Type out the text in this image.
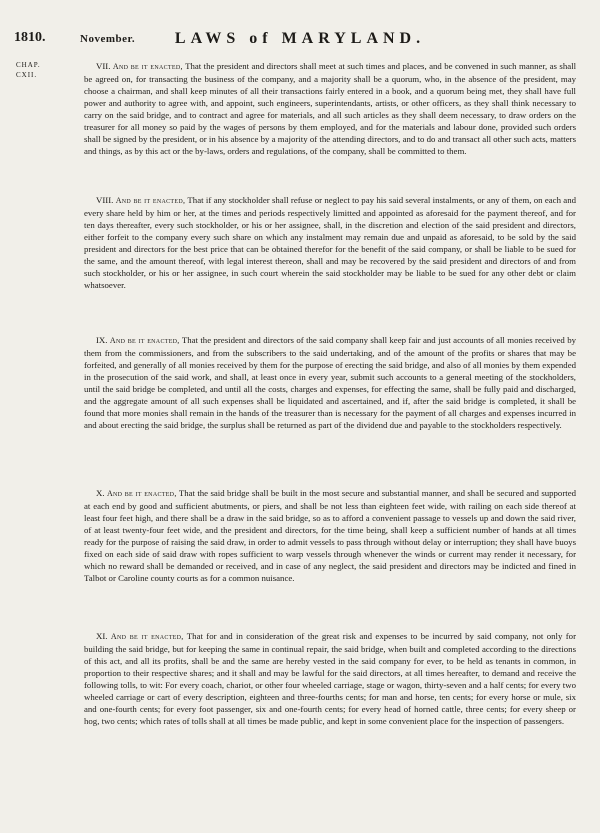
1810.	November.	LAWS of MARYLAND.
CHAP.
CXII.
VII. And be it enacted, That the president and directors shall meet at such times and places, and be convened in such manner, as shall be agreed on, for transacting the business of the company, and a majority shall be a quorum, who, in the absence of the president, may choose a chairman, and shall keep minutes of all their transactions fairly entered in a book, and a quorum being met, they shall have full power and authority to agree with, and appoint, such engineers, superintendants, artists, or other officers, as they shall think necessary to carry on the said bridge, and to contract and agree for materials, and all such articles as they shall deem necessary, to draw orders on the treasurer for all money so paid by the wages of persons by them employed, and for the materials and labour done, provided such orders shall be signed by the president, or in his absence by a majority of the attending directors, and to do and transact all other such acts, matters and things, as by this act or the by-laws, orders and regulations, of the company, shall be committed to them.
VIII. And be it enacted, That if any stockholder shall refuse or neglect to pay his said several instalments, or any of them, on each and every share held by him or her, at the times and periods respectively limitted and appointed as aforesaid for the payment thereof, and for ten days thereafter, every such stockholder, or his or her assignee, shall, in the discretion and election of the said president and directors, either forfeit to the company every such share on which any instalment may remain due and unpaid as aforesaid, to be sold by the said president and directors for the best price that can be obtained therefor for the benefit of the said company, or shall be liable to be sued for the same, and the amount thereof, with legal interest thereon, shall and may be recovered by the said president and directors of and from such stockholder, or his or her assignee, in such court wherein the said stockholder may be liable to be sued for any other debt or claim whatsoever.
IX. And be it enacted, That the president and directors of the said company shall keep fair and just accounts of all monies received by them from the commissioners, and from the subscribers to the said undertaking, and of the amount of the profits or shares that may be forfeited, and generally of all monies received by them for the purpose of erecting the said bridge, and also of all monies by them expended in the prosecution of the said work, and shall, at least once in every year, submit such accounts to a general meeting of the stockholders, until the said bridge be completed, and until all the costs, charges and expenses, for effecting the same, shall be fully paid and discharged, and the aggregate amount of all such expenses shall be liquidated and ascertained, and if, after the said bridge is completed, it shall be found that more monies shall remain in the hands of the treasurer than is necessary for the payment of all charges and expenses incurred in and about erecting the said bridge, the surplus shall be returned as part of the dividend due and payable to the stockholders respectively.
X. And be it enacted, That the said bridge shall be built in the most secure and substantial manner, and shall be secured and supported at each end by good and sufficient abutments, or piers, and shall be not less than eighteen feet wide, with railing on each side thereof at least four feet high, and there shall be a draw in the said bridge, so as to afford a convenient passage to vessels up and down the said river, of at least twenty-four feet wide, and the president and directors, for the time being, shall keep a sufficient number of hands at all times ready for the purpose of raising the said draw, in order to admit vessels to pass through without delay or interruption; they shall have buoys fixed on each side of said draw with ropes sufficient to warp vessels through whenever the winds or current may render it necessary, for which no reward shall be demanded or received, and in case of any neglect, the said president and directors may be indicted and fined in Talbot or Caroline county courts as for a common nuisance.
XI. And be it enacted, That for and in consideration of the great risk and expenses to be incurred by said company, not only for building the said bridge, but for keeping the same in continual repair, the said bridge, when built and completed according to the directions of this act, and all its profits, shall be and the same are hereby vested in the said company for ever, to be held as tenants in common, in proportion to their respective shares; and it shall and may be lawful for the said directors, at all times hereafter, to demand and receive the following tolls, to wit: For every coach, chariot, or other four wheeled carriage, stage or wagon, thirty-seven and a half cents; for every two wheeled carriage or cart of every description, eighteen and three-fourths cents; for man and horse, ten cents; for every horse or mule, six and one-fourth cents; for every foot passenger, six and one-fourth cents; for every head of horned cattle, three cents; for every sheep or hog, two cents; which rates of tolls shall at all times be made public, and kept in some convenient place for the inspection of passengers.
